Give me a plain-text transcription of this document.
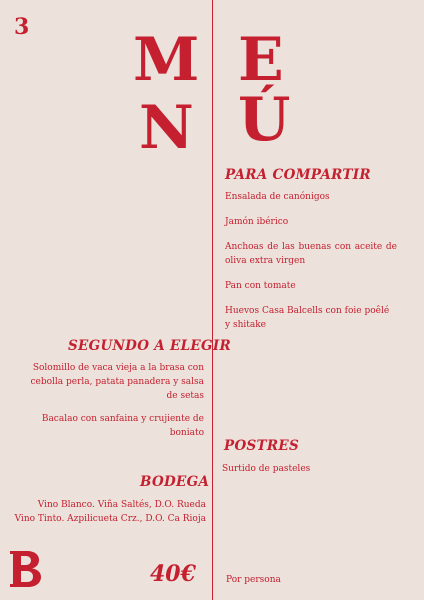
3 M E
N Ú
PARA COMPARTIR
Ensalada de canónigos
Jamón ibérico
Anchoas de las buenas con aceite de oliva extra virgen
Pan con tomate
Huevos Casa Balcells con foie poêlé y shitake
SEGUNDO A ELEGIR
Solomillo de vaca vieja a la brasa con cebolla perla, patata panadera y salsa de setas
Bacalao con sanfaina y crujiente de boniato
POSTRES
Surtido de pasteles
BODEGA
Vino Blanco. Viña Saltés, D.O. Rueda
Vino Tinto. Azpilicueta Crz., D.O. Ca Rioja
40€	Por persona
